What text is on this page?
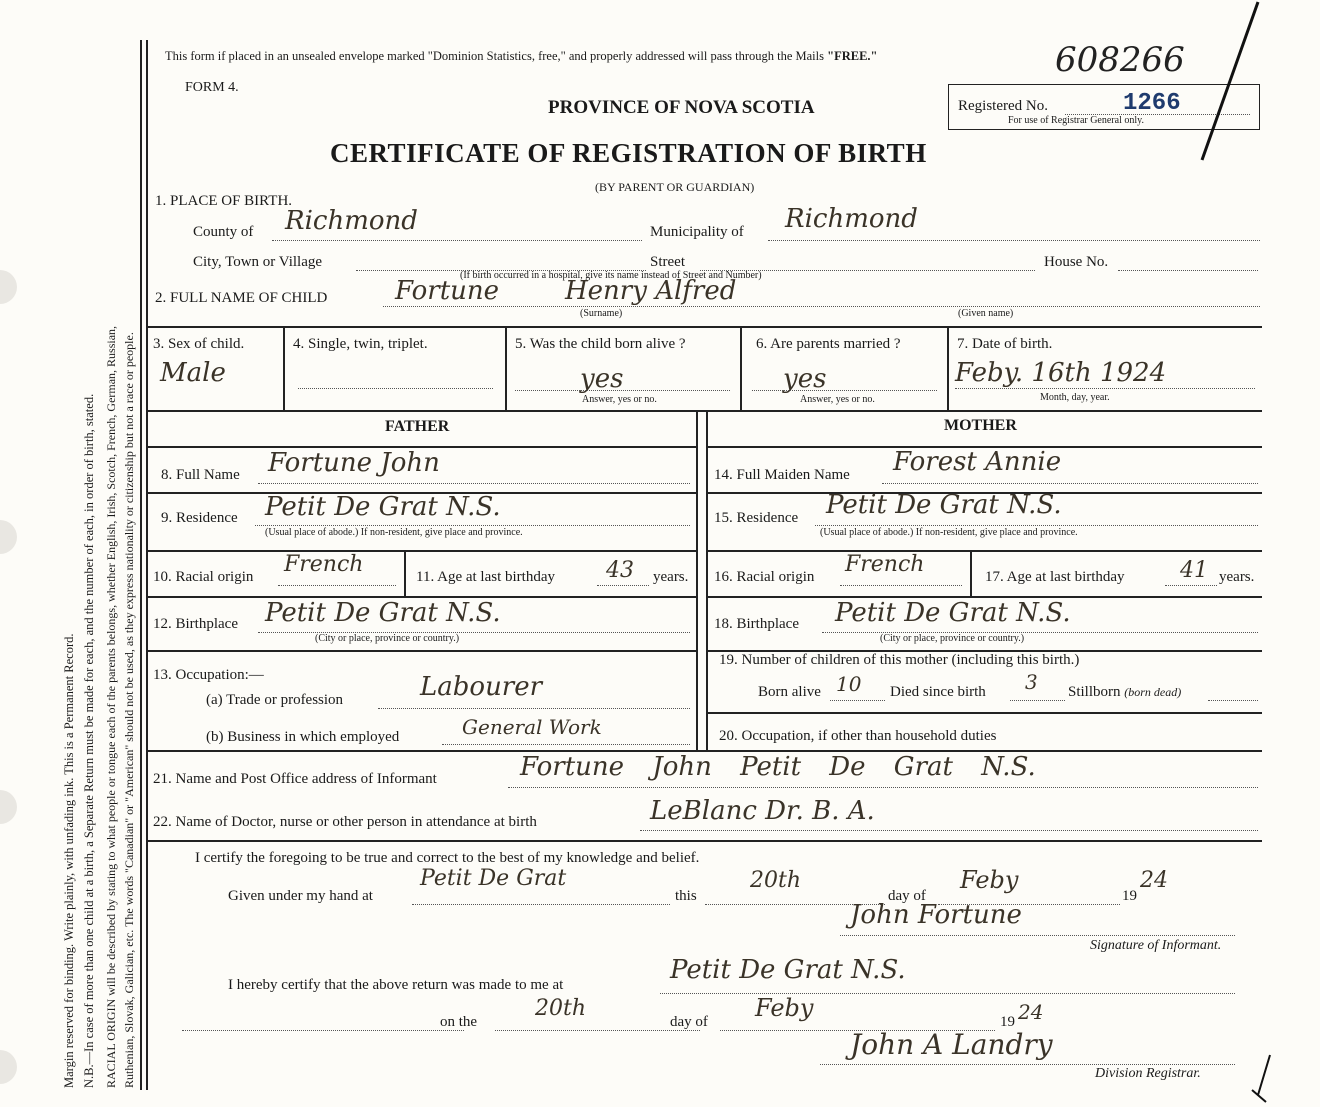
Margin reserved for binding. Write plainly, with unfading ink. This is a Permanent Record. N.B.—In case of more than one child at a birth, a Separate Return must be made for each, and the number of each, in order of birth, stated. RACIAL ORIGIN will be described by stating to what people or tongue each of the parents belongs, whether English, Irish, Scotch, French, German, Russian, Ruthenian, Slovak, Galician, etc. The words "Canadian" or "American" should not be used, as they express nationality or citizenship but not a race or people.
This form if placed in an unsealed envelope marked "Dominion Statistics, free," and properly addressed will pass through the Mails "FREE."	608266
FORM 4.
PROVINCE OF NOVA SCOTIA	Registered No.	1266
For use of Registrar General only.
CERTIFICATE OF REGISTRATION OF BIRTH
(BY PARENT OR GUARDIAN)
1. PLACE OF BIRTH.
County of Richmond	Municipality of Richmond
City, Town or Village	Street	House No.
(If birth occurred in a hospital, give its name instead of Street and Number)
2. FULL NAME OF CHILD	Fortune	Henry Alfred
(Surname)	(Given name)
3. Sex of child.
Male
4. Single, twin, triplet.	5. Was the child born alive ?
yes
Answer, yes or no.
6. Are parents married ?
yes
Answer, yes or no.
7. Date of birth.
Feby. 16th 1924
Month, day, year.
FATHER	MOTHER
8. Full Name Fortune John
9. Residence Petit De Grat N.S.
(Usual place of abode.) If non-resident, give place and province.
10. Racial origin French	11. Age at last birthday 43 years.
12. Birthplace Petit De Grat N.S.
(City or place, province or country.)
13. Occupation:—
(a) Trade or profession	Labourer
(b) Business in which employed	General Work
14. Full Maiden Name Forest Annie
15. Residence Petit De Grat N.S.
(Usual place of abode.) If non-resident, give place and province.
16. Racial origin French	17. Age at last birthday	41 years.
18. Birthplace Petit De Grat N.S.
(City or place, province or country.)
19. Number of children of this mother (including this birth.)
Born alive 10 Died since birth 3 Stillborn (born dead)
20. Occupation, if other than household duties
21. Name and Post Office address of Informant	Fortune John Petit De Grat N.S.
22. Name of Doctor, nurse or other person in attendance at birth	LeBlanc Dr. B. A.
I certify the foregoing to be true and correct to the best of my knowledge and belief.
Given under my hand at
Petit De Grat
this
20th
day of
Feby
19
24
John Fortune
Signature of Informant.
I hereby certify that the above return was made to me at	Petit De Grat N.S.
on the
20th
day of Feby	19 24
John A Landry
Division Registrar.
